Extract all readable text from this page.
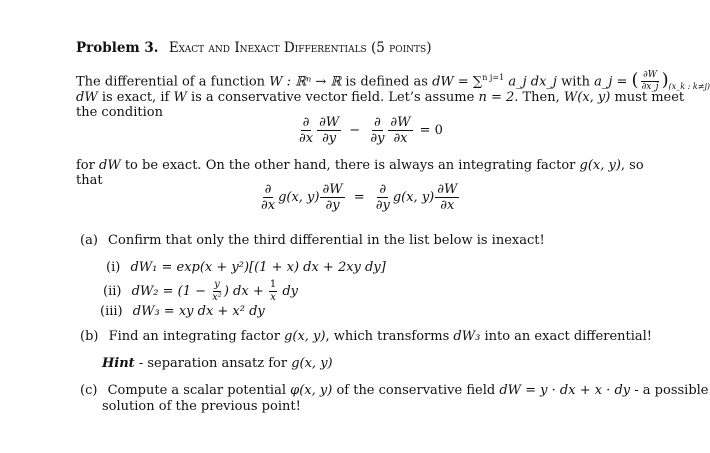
Problem 3. Exact and Inexact Differentials (5 points)
The differential of a function W : ℝⁿ → ℝ is defined as dW = ∑$^{n j=1}$ a_j dx_j with a_j = ( $\frac{\partial W}{\partial x\_j} )_{(x\_k : k\ne j)}$
dW is exact, if W is a conservative vector field. Let’s assume n = 2. Then, W(x, y) must meet
the condition
$\frac{\partial}{\partial x} \frac{\partial W}{\partial y} - \frac{\partial}{\partial y} \frac{\partial W}{\partial x} = 0$
for dW to be exact. On the other hand, there is always an integrating factor g(x, y), so
that
$\frac{\partial}{\partial x} g(x$, $y) \frac{\partial W}{\partial y} = \frac{\partial}{\partial y} g(x$, $y) \frac{\partial W}{\partial x}$
(a) Confirm that only the third differential in the list below is inexact!
(i) dW₁ = exp(x + y²)[(1 + x) dx + 2xy dy]
(ii) $dW_2 = (1 - \frac{y}{\text{x²}}$ ) dx + $\frac{1}{x}$ dy
(iii) dW₃ = xy dx + x² dy
(b) Find an integrating factor g(x, y), which transforms dW₃ into an exact differential!
Hint - separation ansatz for g(x, y)
(c) Compute a scalar potential φ(x, y) of the conservative field dW = y · dx + x · dy - a possible
solution of the previous point!
